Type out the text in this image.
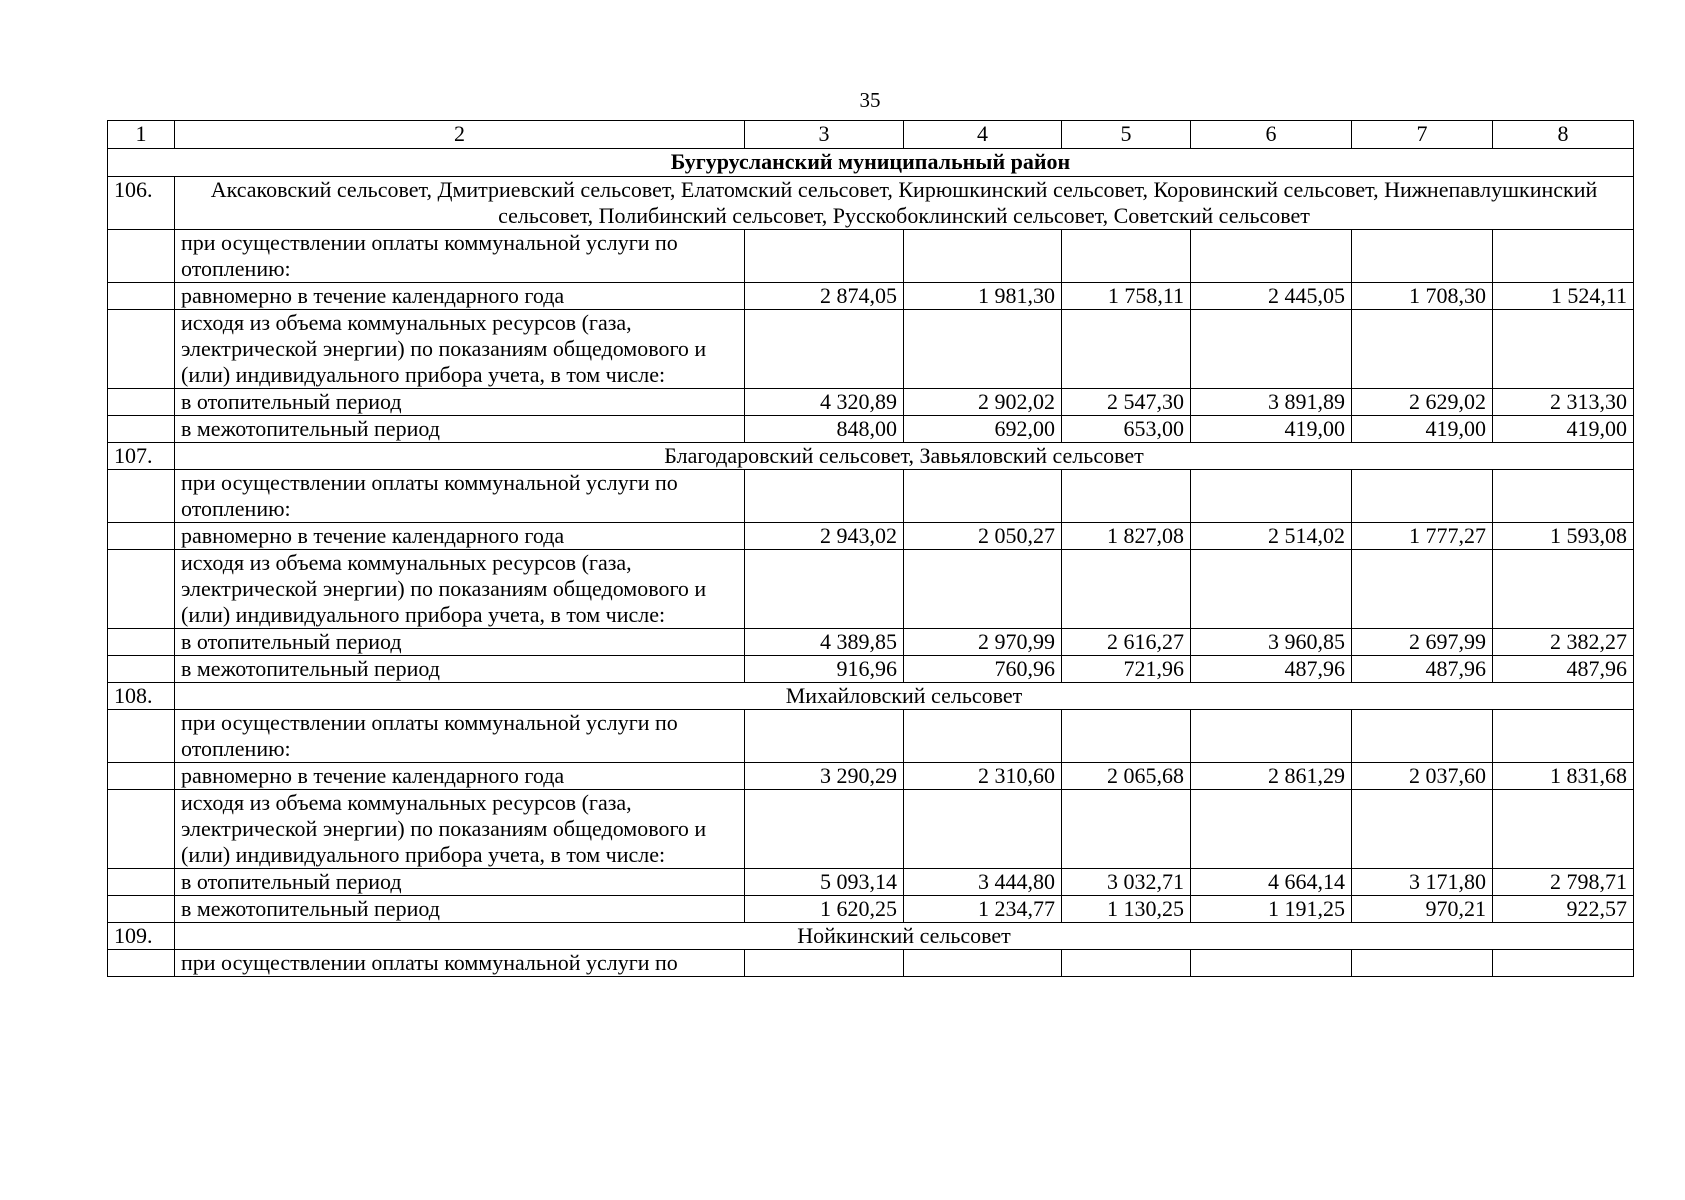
35
1	2	3	4	5	6	7	8
Бугурусланский муниципальный район							
106.	Аксаковский сельсовет, Дмитриевский сельсовет, Елатомский сельсовет, Кирюшкинский сельсовет, Коровинский сельсовет, Нижнепавлушкинский сельсовет, Полибинский сельсовет, Русскобоклинский сельсовет, Советский сельсовет						
	при осуществлении оплаты коммунальной услуги по отоплению:						
	равномерно в течение календарного года	2 874,05	1 981,30	1 758,11	2 445,05	1 708,30	1 524,11
	исходя из объема коммунальных ресурсов (газа, электрической энергии) по показаниям общедомового и (или) индивидуального прибора учета, в том числе:						
	в отопительный период	4 320,89	2 902,02	2 547,30	3 891,89	2 629,02	2 313,30
	в межотопительный период	848,00	692,00	653,00	419,00	419,00	419,00
107.	Благодаровский сельсовет, Завьяловский сельсовет						
	при осуществлении оплаты коммунальной услуги по отоплению:						
	равномерно в течение календарного года	2 943,02	2 050,27	1 827,08	2 514,02	1 777,27	1 593,08
	исходя из объема коммунальных ресурсов (газа, электрической энергии) по показаниям общедомового и (или) индивидуального прибора учета, в том числе:						
	в отопительный период	4 389,85	2 970,99	2 616,27	3 960,85	2 697,99	2 382,27
	в межотопительный период	916,96	760,96	721,96	487,96	487,96	487,96
108.	Михайловский сельсовет						
	при осуществлении оплаты коммунальной услуги по отоплению:						
	равномерно в течение календарного года	3 290,29	2 310,60	2 065,68	2 861,29	2 037,60	1 831,68
	исходя из объема коммунальных ресурсов (газа, электрической энергии) по показаниям общедомового и (или) индивидуального прибора учета, в том числе:						
	в отопительный период	5 093,14	3 444,80	3 032,71	4 664,14	3 171,80	2 798,71
	в межотопительный период	1 620,25	1 234,77	1 130,25	1 191,25	970,21	922,57
109.	Нойкинский сельсовет						
	при осуществлении оплаты коммунальной услуги по						
